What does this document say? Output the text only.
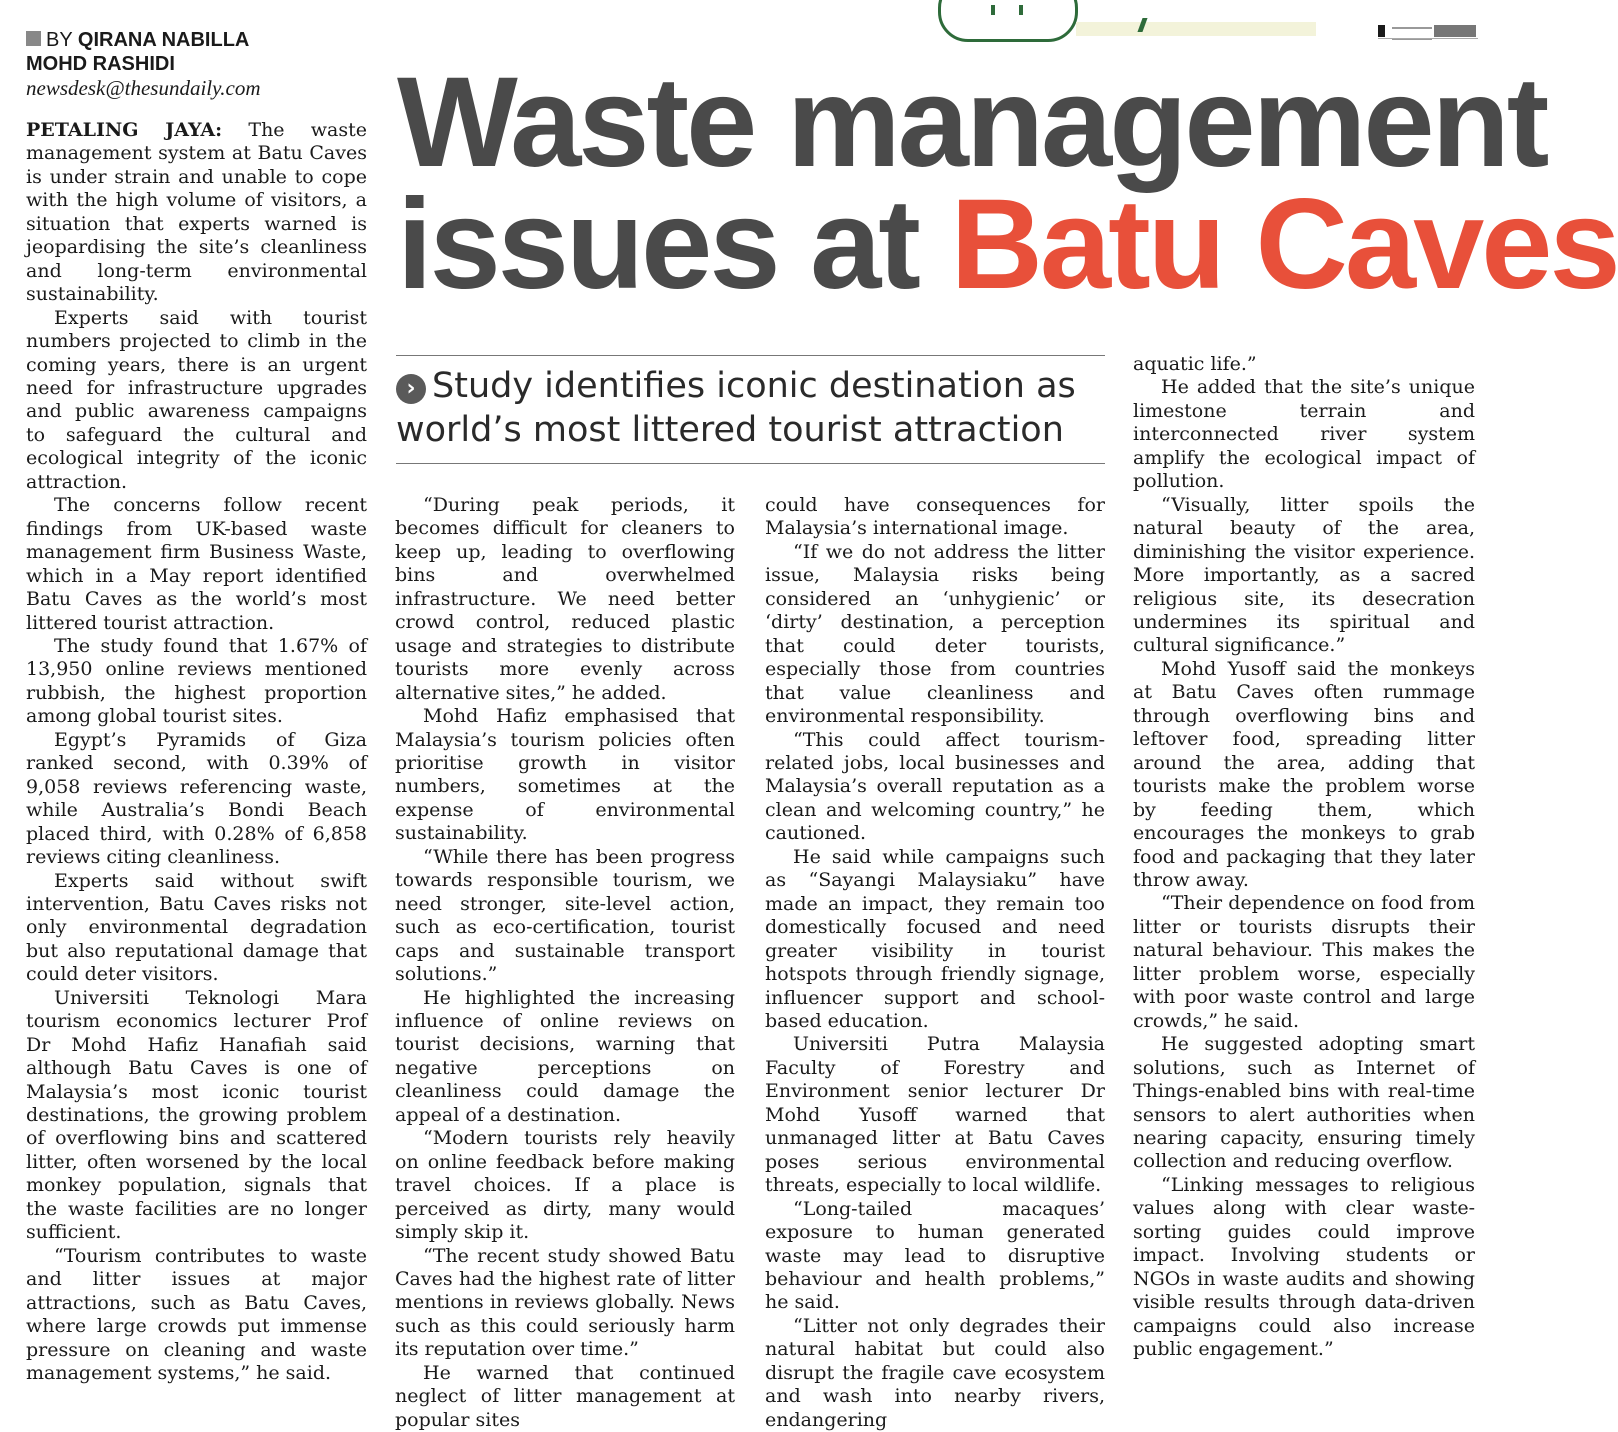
BY QIRANA NABILLA
MOHD RASHIDI
newsdesk@thesundaily.com	Waste management
issues at Batu Caves
› Study identifies iconic destination as world’s most littered tourist attraction

PETALING JAYA: The waste management system at Batu Caves is under strain and unable to cope with the high volume of visitors, a situation that experts warned is jeopardising the site’s cleanliness and long-term environmental sustainability.

Experts said with tourist numbers projected to climb in the coming years, there is an urgent need for infrastructure upgrades and public awareness campaigns to safeguard the cultural and ecological integrity of the iconic attraction.

The concerns follow recent findings from UK-based waste management firm Business Waste, which in a May report identified Batu Caves as the world’s most littered tourist attraction.

The study found that 1.67% of 13,950 online reviews mentioned rubbish, the highest proportion among global tourist sites.

Egypt’s Pyramids of Giza ranked second, with 0.39% of 9,058 reviews referencing waste, while Australia’s Bondi Beach placed third, with 0.28% of 6,858 reviews citing cleanliness.

Experts said without swift intervention, Batu Caves risks not only environmental degradation but also reputational damage that could deter visitors.

Universiti Teknologi Mara tourism economics lecturer Prof Dr Mohd Hafiz Hanafiah said although Batu Caves is one of Malaysia’s most iconic tourist destinations, the growing problem of overflowing bins and scattered litter, often worsened by the local monkey population, signals that the waste facilities are no longer sufficient.

“Tourism contributes to waste and litter issues at major attractions, such as Batu Caves, where large crowds put immense pressure on cleaning and waste management systems,” he said.

“During peak periods, it becomes difficult for cleaners to keep up, leading to overflowing bins and overwhelmed infrastructure. We need better crowd control, reduced plastic usage and strategies to distribute tourists more evenly across alternative sites,” he added.

Mohd Hafiz emphasised that Malaysia’s tourism policies often prioritise growth in visitor numbers, sometimes at the expense of environmental sustainability.

“While there has been progress towards responsible tourism, we need stronger, site-level action, such as eco-certification, tourist caps and sustainable transport solutions.”

He highlighted the increasing influence of online reviews on tourist decisions, warning that negative perceptions on cleanliness could damage the appeal of a destination.

“Modern tourists rely heavily on online feedback before making travel choices. If a place is perceived as dirty, many would simply skip it.

“The recent study showed Batu Caves had the highest rate of litter mentions in reviews globally. News such as this could seriously harm its reputation over time.”

He warned that continued neglect of litter management at popular sites

could have consequences for Malaysia’s international image.

“If we do not address the litter issue, Malaysia risks being considered an ‘unhygienic’ or ‘dirty’ destination, a perception that could deter tourists, especially those from countries that value cleanliness and environmental responsibility.

“This could affect tourism-related jobs, local businesses and Malaysia’s overall reputation as a clean and welcoming country,” he cautioned.

He said while campaigns such as “Sayangi Malaysiaku” have made an impact, they remain too domestically focused and need greater visibility in tourist hotspots through friendly signage, influencer support and school-based education.

Universiti Putra Malaysia Faculty of Forestry and Environment senior lecturer Dr Mohd Yusoff warned that unmanaged litter at Batu Caves poses serious environmental threats, especially to local wildlife.

“Long-tailed macaques’ exposure to human generated waste may lead to disruptive behaviour and health problems,” he said.

“Litter not only degrades their natural habitat but could also disrupt the fragile cave ecosystem and wash into nearby rivers, endangering

aquatic life.”

He added that the site’s unique limestone terrain and interconnected river system amplify the ecological impact of pollution.

“Visually, litter spoils the natural beauty of the area, diminishing the visitor experience. More importantly, as a sacred religious site, its desecration undermines its spiritual and cultural significance.”

Mohd Yusoff said the monkeys at Batu Caves often rummage through overflowing bins and leftover food, spreading litter around the area, adding that tourists make the problem worse by feeding them, which encourages the monkeys to grab food and packaging that they later throw away.

“Their dependence on food from litter or tourists disrupts their natural behaviour. This makes the litter problem worse, especially with poor waste control and large crowds,” he said.

He suggested adopting smart solutions, such as Internet of Things-enabled bins with real-time sensors to alert authorities when nearing capacity, ensuring timely collection and reducing overflow.

“Linking messages to religious values along with clear waste-sorting guides could improve impact. Involving students or NGOs in waste audits and showing visible results through data-driven campaigns could also increase public engagement.”
